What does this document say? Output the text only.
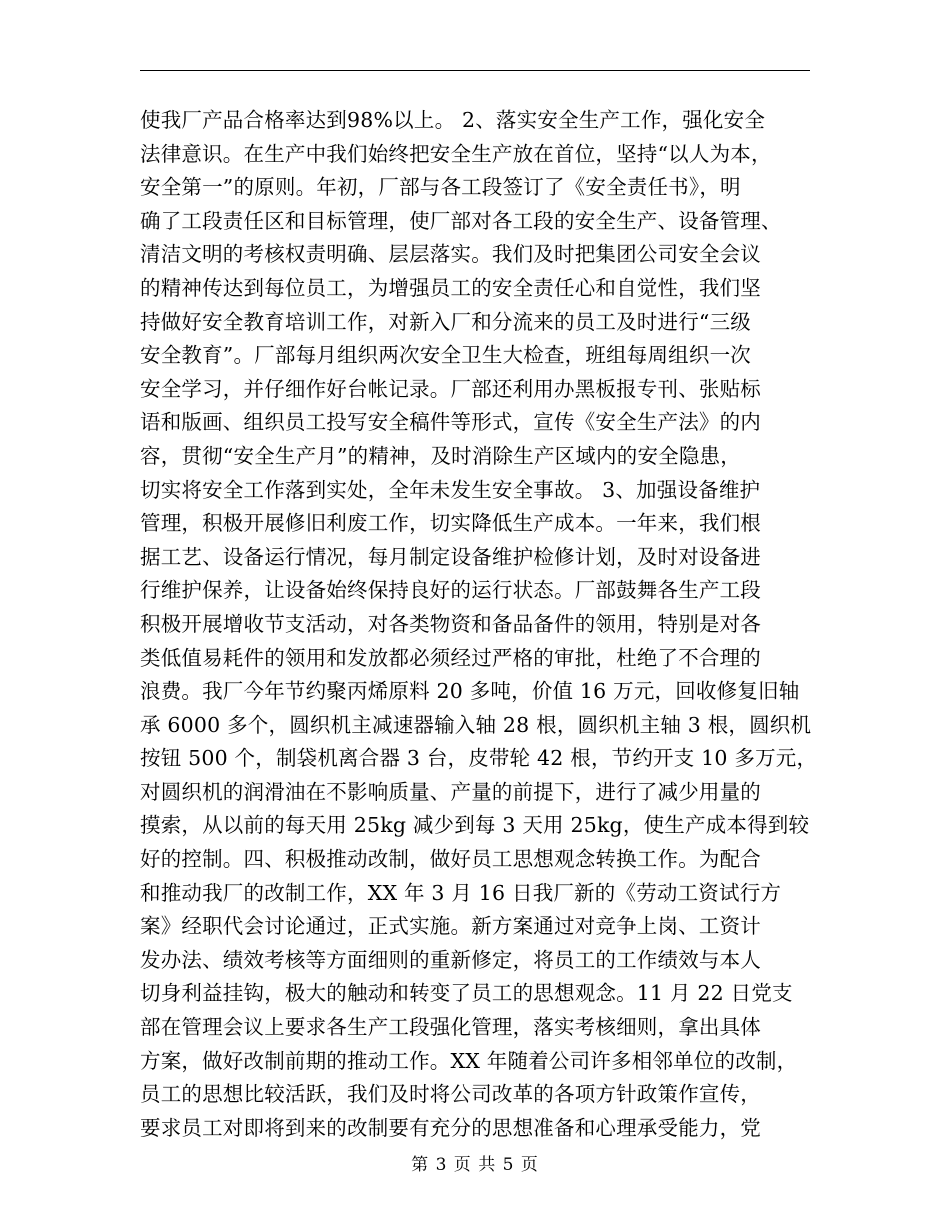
使我厂产品合格率达到98%以上。 2、落实安全生产工作，强化安全
法律意识。在生产中我们始终把安全生产放在首位，坚持“以人为本，
安全第一”的原则。年初，厂部与各工段签订了《安全责任书》，明
确了工段责任区和目标管理，使厂部对各工段的安全生产、设备管理、
清洁文明的考核权责明确、层层落实。我们及时把集团公司安全会议
的精神传达到每位员工，为增强员工的安全责任心和自觉性，我们坚
持做好安全教育培训工作，对新入厂和分流来的员工及时进行“三级
安全教育”。厂部每月组织两次安全卫生大检查，班组每周组织一次
安全学习，并仔细作好台帐记录。厂部还利用办黑板报专刊、张贴标
语和版画、组织员工投写安全稿件等形式，宣传《安全生产法》的内
容，贯彻“安全生产月”的精神，及时消除生产区域内的安全隐患，
切实将安全工作落到实处，全年未发生安全事故。 3、加强设备维护
管理，积极开展修旧利废工作，切实降低生产成本。一年来，我们根
据工艺、设备运行情况，每月制定设备维护检修计划，及时对设备进
行维护保养，让设备始终保持良好的运行状态。厂部鼓舞各生产工段
积极开展增收节支活动，对各类物资和备品备件的领用，特别是对各
类低值易耗件的领用和发放都必须经过严格的审批，杜绝了不合理的
浪费。我厂今年节约聚丙烯原料 20 多吨，价值 16 万元，回收修复旧轴
承 6000 多个，圆织机主减速器输入轴 28 根，圆织机主轴 3 根，圆织机
按钮 500 个，制袋机离合器 3 台，皮带轮 42 根，节约开支 10 多万元，
对圆织机的润滑油在不影响质量、产量的前提下，进行了减少用量的
摸索，从以前的每天用 25kg 减少到每 3 天用 25kg，使生产成本得到较
好的控制。四、积极推动改制，做好员工思想观念转换工作。为配合
和推动我厂的改制工作，XX 年 3 月 16 日我厂新的《劳动工资试行方
案》经职代会讨论通过，正式实施。新方案通过对竞争上岗、工资计
发办法、绩效考核等方面细则的重新修定，将员工的工作绩效与本人
切身利益挂钩，极大的触动和转变了员工的思想观念。11 月 22 日党支
部在管理会议上要求各生产工段强化管理，落实考核细则，拿出具体
方案，做好改制前期的推动工作。XX 年随着公司许多相邻单位的改制，
员工的思想比较活跃，我们及时将公司改革的各项方针政策作宣传，
要求员工对即将到来的改制要有充分的思想准备和心理承受能力，党
第 3 页 共 5 页
